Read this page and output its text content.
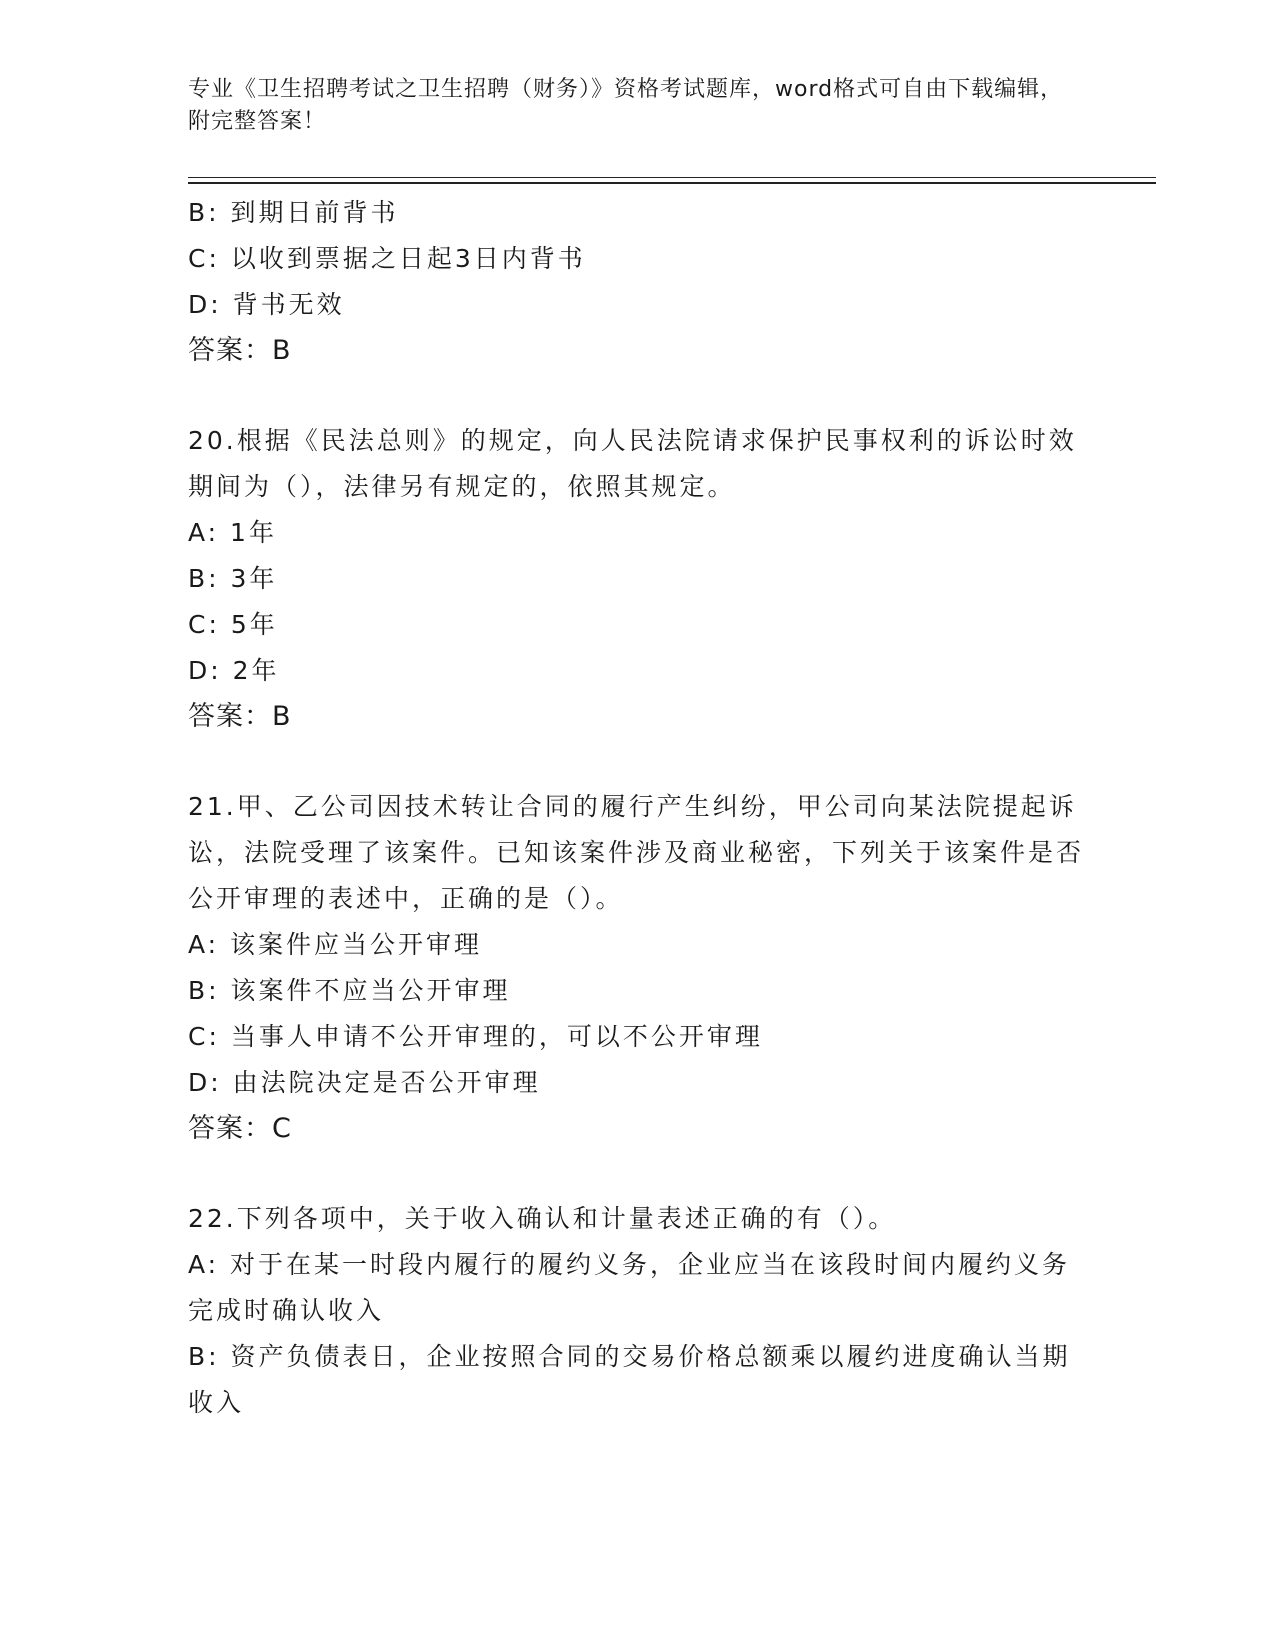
专业《卫生招聘考试之卫生招聘（财务）》资格考试题库，word格式可自由下载编辑，附完整答案！
B: 到期日前背书
C: 以收到票据之日起3日内背书
D: 背书无效
答案：B
20.根据《民法总则》的规定，向人民法院请求保护民事权利的诉讼时效期间为（），法律另有规定的，依照其规定。
A: 1年
B: 3年
C: 5年
D: 2年
答案：B
21.甲、乙公司因技术转让合同的履行产生纠纷，甲公司向某法院提起诉讼，法院受理了该案件。已知该案件涉及商业秘密，下列关于该案件是否公开审理的表述中，正确的是（）。
A: 该案件应当公开审理
B: 该案件不应当公开审理
C: 当事人申请不公开审理的，可以不公开审理
D: 由法院决定是否公开审理
答案：C
22.下列各项中，关于收入确认和计量表述正确的有（）。
A: 对于在某一时段内履行的履约义务，企业应当在该段时间内履约义务完成时确认收入
B: 资产负债表日，企业按照合同的交易价格总额乘以履约进度确认当期收入
